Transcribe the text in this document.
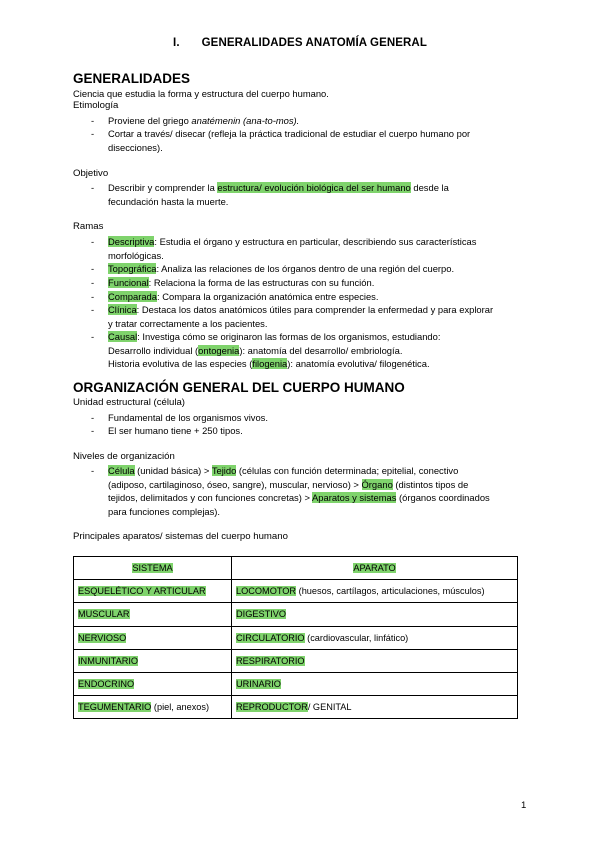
I. GENERALIDADES ANATOMÍA GENERAL
GENERALIDADES
Ciencia que estudia la forma y estructura del cuerpo humano.
Etimología
- Proviene del griego anatémenin (ana-to-mos).
- Cortar a través/ disecar (refleja la práctica tradicional de estudiar el cuerpo humano por
disecciones).
Objetivo
- Describir y comprender la estructura/ evolución biológica del ser humano desde la
fecundación hasta la muerte.
Ramas
- Descriptiva: Estudia el órgano y estructura en particular, describiendo sus características
morfológicas.
- Topográfica: Analiza las relaciones de los órganos dentro de una región del cuerpo.
- Funcional: Relaciona la forma de las estructuras con su función.
- Comparada: Compara la organización anatómica entre especies.
- Clínica: Destaca los datos anatómicos útiles para comprender la enfermedad y para explorar
y tratar correctamente a los pacientes.
- Causal: Investiga cómo se originaron las formas de los organismos, estudiando:
Desarrollo individual (ontogenia): anatomía del desarrollo/ embriología.
Historia evolutiva de las especies (filogenia): anatomía evolutiva/ filogenética.
ORGANIZACIÓN GENERAL DEL CUERPO HUMANO
Unidad estructural (célula)
- Fundamental de los organismos vivos.
- El ser humano tiene + 250 tipos.
Niveles de organización
- Célula (unidad básica) > Tejido (células con función determinada; epitelial, conectivo
(adiposo, cartilaginoso, óseo, sangre), muscular, nervioso) > Órgano (distintos tipos de
tejidos, delimitados y con funciones concretas) > Aparatos y sistemas (órganos coordinados
para funciones complejas).
Principales aparatos/ sistemas del cuerpo humano
SISTEMA	APARATO
ESQUELÉTICO Y ARTICULAR	LOCOMOTOR (huesos, cartílagos, articulaciones, músculos)
MUSCULAR	DIGESTIVO
NERVIOSO	CIRCULATORIO (cardiovascular, linfático)
INMUNITARIO	RESPIRATORIO
ENDOCRINO	URINARIO
TEGUMENTARIO (piel, anexos)	REPRODUCTOR/ GENITAL
1
